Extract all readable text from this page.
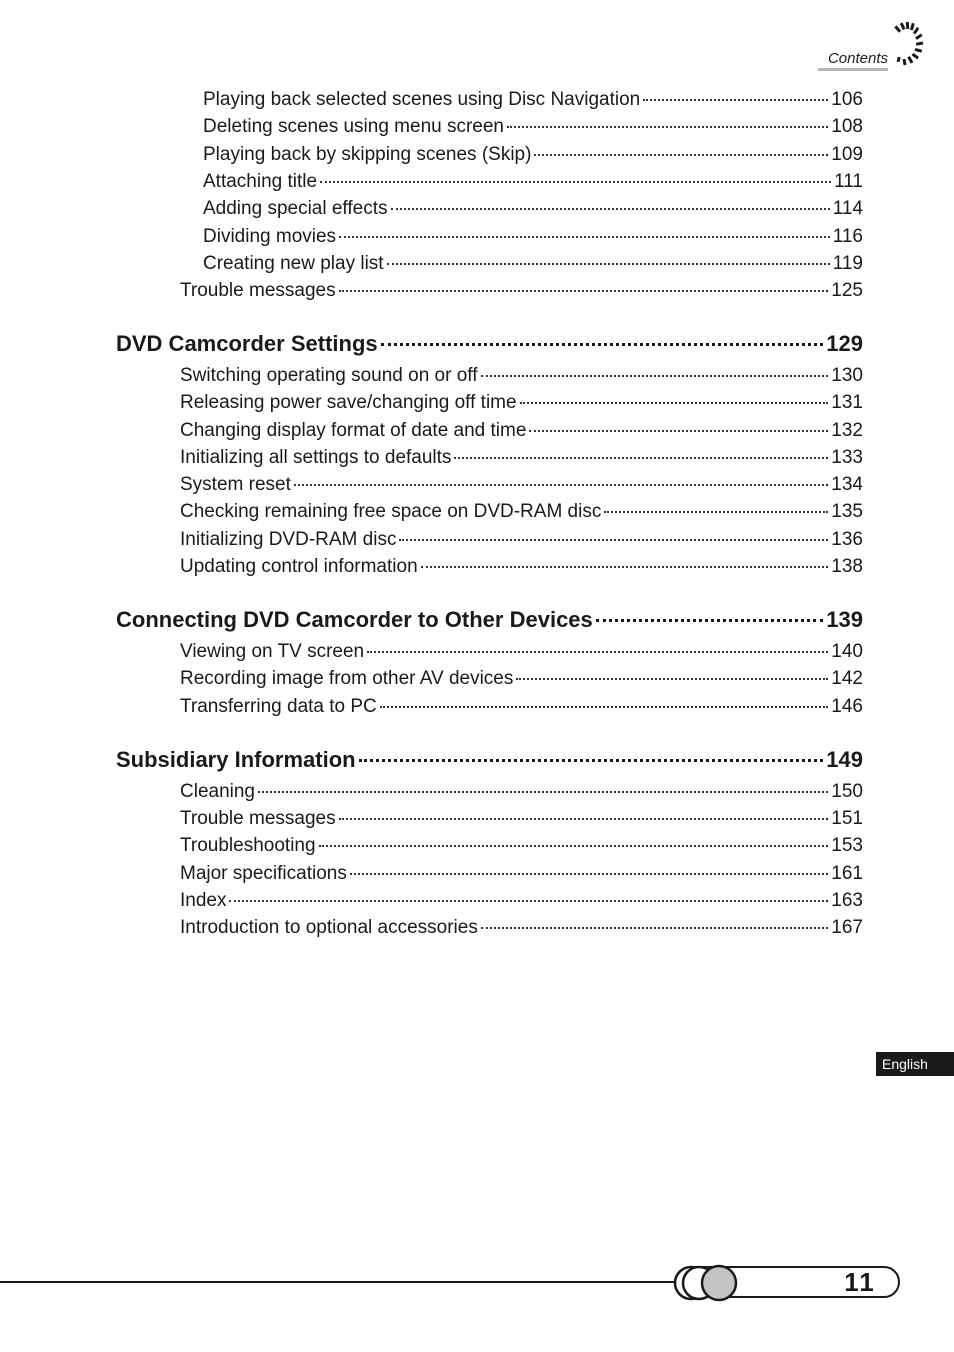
Contents
Playing back selected scenes using Disc Navigation	106
Deleting scenes using menu screen	108
Playing back by skipping scenes (Skip)	109
Attaching title	111
Adding special effects	114
Dividing movies	116
Creating new play list	119
Trouble messages	125
DVD Camcorder Settings	129
Switching operating sound on or off	130
Releasing power save/changing off time	131
Changing display format of date and time	132
Initializing all settings to defaults	133
System reset	134
Checking remaining free space on DVD-RAM disc	135
Initializing DVD-RAM disc	136
Updating control information	138
Connecting DVD Camcorder to Other Devices	139
Viewing on TV screen	140
Recording image from other AV devices	142
Transferring data to PC	146
Subsidiary Information	149
Cleaning	150
Trouble messages	151
Troubleshooting	153
Major specifications	161
Index	163
Introduction to optional accessories	167
English
11
